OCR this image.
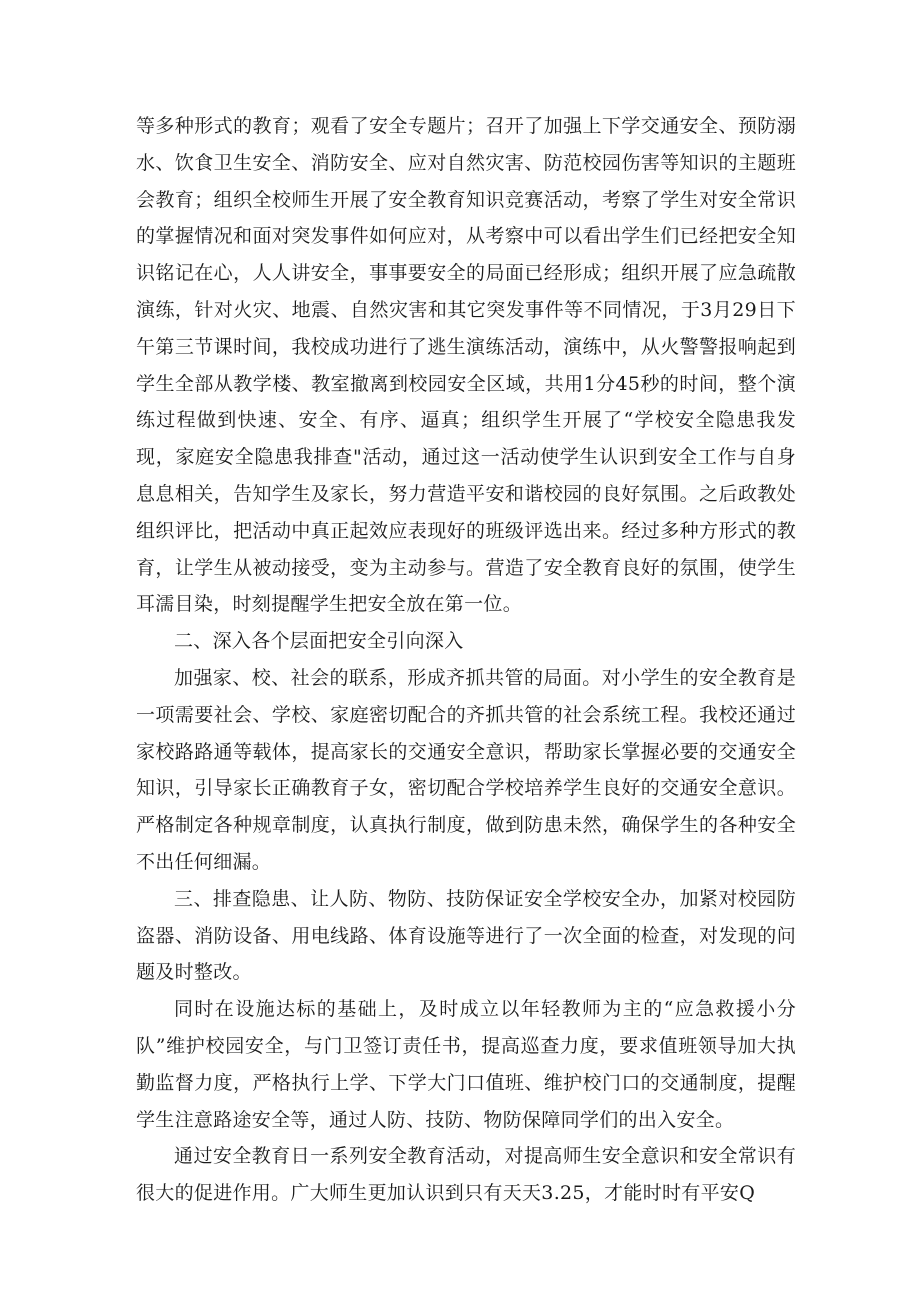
等多种形式的教育；观看了安全专题片；召开了加强上下学交通安全、预防溺水、饮食卫生安全、消防安全、应对自然灾害、防范校园伤害等知识的主题班会教育；组织全校师生开展了安全教育知识竞赛活动，考察了学生对安全常识的掌握情况和面对突发事件如何应对，从考察中可以看出学生们已经把安全知识铭记在心，人人讲安全，事事要安全的局面已经形成；组织开展了应急疏散演练，针对火灾、地震、自然灾害和其它突发事件等不同情况，于3月29日下午第三节课时间，我校成功进行了逃生演练活动，演练中，从火警警报响起到学生全部从教学楼、教室撤离到校园安全区域，共用1分45秒的时间，整个演练过程做到快速、安全、有序、逼真；组织学生开展了“学校安全隐患我发现，家庭安全隐患我排查"活动，通过这一活动使学生认识到安全工作与自身息息相关，告知学生及家长，努力营造平安和谐校园的良好氛围。之后政教处组织评比，把活动中真正起效应表现好的班级评选出来。经过多种方形式的教育，让学生从被动接受，变为主动参与。营造了安全教育良好的氛围，使学生耳濡目染，时刻提醒学生把安全放在第一位。

二、深入各个层面把安全引向深入

加强家、校、社会的联系，形成齐抓共管的局面。对小学生的安全教育是一项需要社会、学校、家庭密切配合的齐抓共管的社会系统工程。我校还通过家校路路通等载体，提高家长的交通安全意识，帮助家长掌握必要的交通安全知识，引导家长正确教育子女，密切配合学校培养学生良好的交通安全意识。严格制定各种规章制度，认真执行制度，做到防患未然，确保学生的各种安全不出任何细漏。

三、排查隐患、让人防、物防、技防保证安全学校安全办，加紧对校园防盗器、消防设备、用电线路、体育设施等进行了一次全面的检查，对发现的问题及时整改。

同时在设施达标的基础上，及时成立以年轻教师为主的“应急救援小分队”维护校园安全，与门卫签订责任书，提高巡查力度，要求值班领导加大执勤监督力度，严格执行上学、下学大门口值班、维护校门口的交通制度，提醒学生注意路途安全等，通过人防、技防、物防保障同学们的出入安全。

通过安全教育日一系列安全教育活动，对提高师生安全意识和安全常识有很大的促进作用。广大师生更加认识到只有天天3.25，才能时时有平安Q
